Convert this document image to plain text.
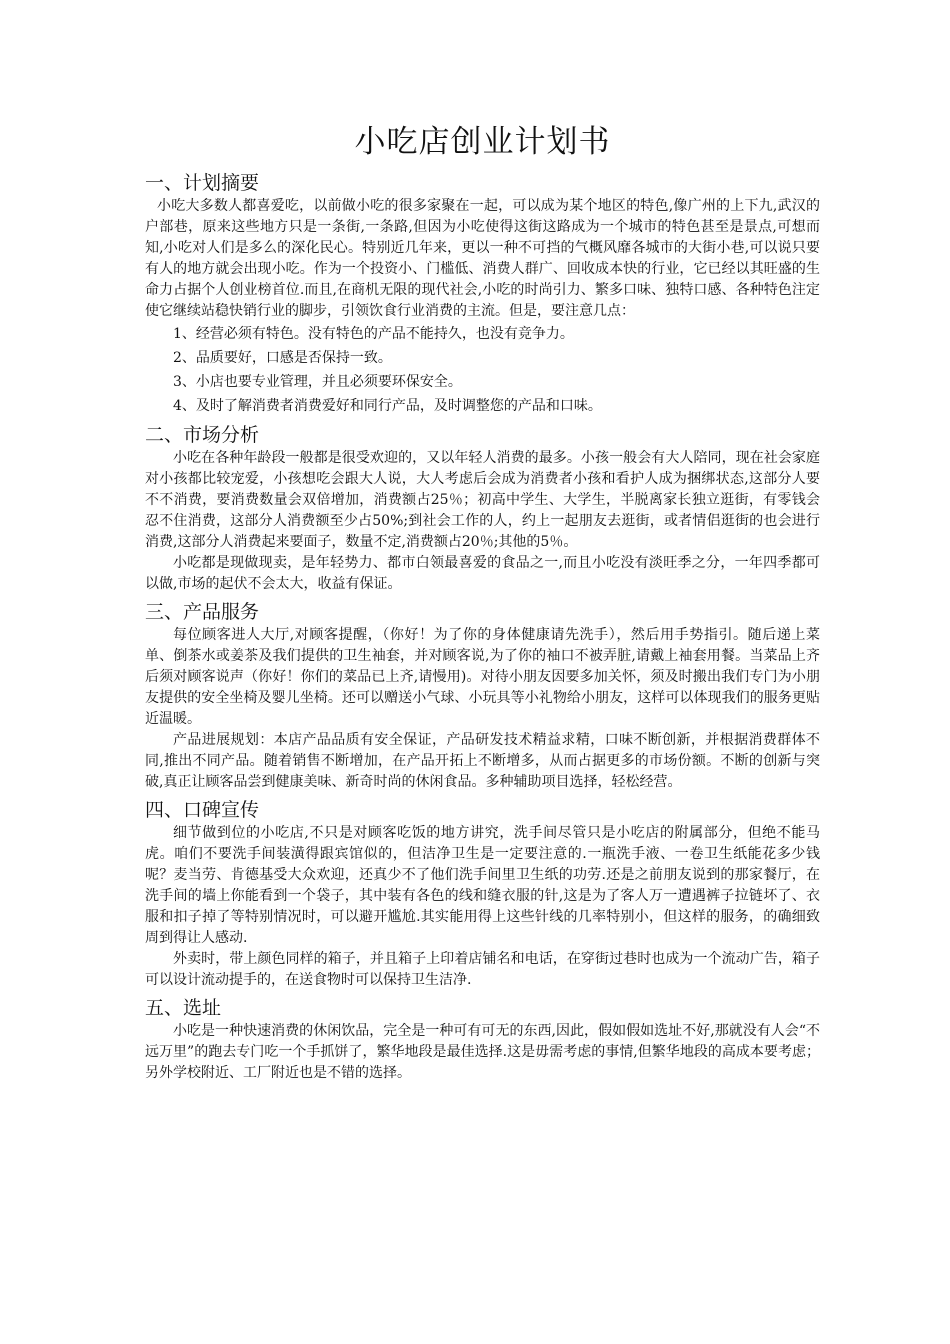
小吃店创业计划书
一、计划摘要

小吃大多数人都喜爱吃，以前做小吃的很多家聚在一起，可以成为某个地区的特色,像广州的上下九,武汉的户部巷，原来这些地方只是一条街,一条路,但因为小吃使得这街这路成为一个城市的特色甚至是景点,可想而知,小吃对人们是多么的深化民心。特别近几年来，更以一种不可挡的气概风靡各城市的大街小巷,可以说只要有人的地方就会出现小吃。作为一个投资小、门槛低、消费人群广、回收成本快的行业，它已经以其旺盛的生命力占据个人创业榜首位.而且,在商机无限的现代社会,小吃的时尚引力、繁多口味、独特口感、各种特色注定使它继续站稳快销行业的脚步，引领饮食行业消费的主流。但是，要注意几点：

1、经营必须有特色。没有特色的产品不能持久，也没有竞争力。

2、品质要好，口感是否保持一致。

3、小店也要专业管理，并且必须要环保安全。

4、及时了解消费者消费爱好和同行产品，及时调整您的产品和口味。

二、市场分析

小吃在各种年龄段一般都是很受欢迎的，又以年轻人消费的最多。小孩一般会有大人陪同，现在社会家庭对小孩都比较宠爱，小孩想吃会跟大人说，大人考虑后会成为消费者小孩和看护人成为捆绑状态,这部分人要不不消费，要消费数量会双倍增加，消费额占25％；初高中学生、大学生，半脱离家长独立逛街，有零钱会忍不住消费，这部分人消费额至少占50%;到社会工作的人，约上一起朋友去逛街，或者情侣逛街的也会进行消费,这部分人消费起来要面子，数量不定,消费额占20％;其他的5％。

小吃都是现做现卖，是年轻势力、都市白领最喜爱的食品之一,而且小吃没有淡旺季之分，一年四季都可以做,市场的起伏不会太大，收益有保证。

三、产品服务

每位顾客进人大厅,对顾客提醒，（你好！为了你的身体健康请先洗手），然后用手势指引。随后递上菜单、倒茶水或姜茶及我们提供的卫生袖套，并对顾客说,为了你的袖口不被弄脏,请戴上袖套用餐。当菜品上齐后须对顾客说声（你好！你们的菜品已上齐,请慢用)。对待小朋友因要多加关怀，须及时搬出我们专门为小朋友提供的安全坐椅及婴儿坐椅。还可以赠送小气球、小玩具等小礼物给小朋友，这样可以体现我们的服务更贴近温暖。

产品进展规划：本店产品品质有安全保证，产品研发技术精益求精，口味不断创新，并根据消费群体不同,推出不同产品。随着销售不断增加，在产品开拓上不断增多，从而占据更多的市场份额。不断的创新与突破,真正让顾客品尝到健康美味、新奇时尚的休闲食品。多种辅助项目选择，轻松经营。

四、口碑宣传

细节做到位的小吃店,不只是对顾客吃饭的地方讲究，洗手间尽管只是小吃店的附属部分，但绝不能马虎。咱们不要洗手间装潢得跟宾馆似的，但洁净卫生是一定要注意的.一瓶洗手液、一卷卫生纸能花多少钱呢？麦当劳、肯德基受大众欢迎，还真少不了他们洗手间里卫生纸的功劳.还是之前朋友说到的那家餐厅，在洗手间的墙上你能看到一个袋子，其中装有各色的线和缝衣服的针,这是为了客人万一遭遇裤子拉链坏了、衣服和扣子掉了等特别情况时，可以避开尴尬.其实能用得上这些针线的几率特别小，但这样的服务，的确细致周到得让人感动.

外卖时，带上颜色同样的箱子，并且箱子上印着店铺名和电话，在穿街过巷时也成为一个流动广告，箱子可以设计流动提手的，在送食物时可以保持卫生洁净.

五、选址

小吃是一种快速消费的休闲饮品，完全是一种可有可无的东西,因此，假如假如选址不好,那就没有人会“不远万里”的跑去专门吃一个手抓饼了，繁华地段是最佳选择.这是毋需考虑的事情,但繁华地段的高成本要考虑；另外学校附近、工厂附近也是不错的选择。
